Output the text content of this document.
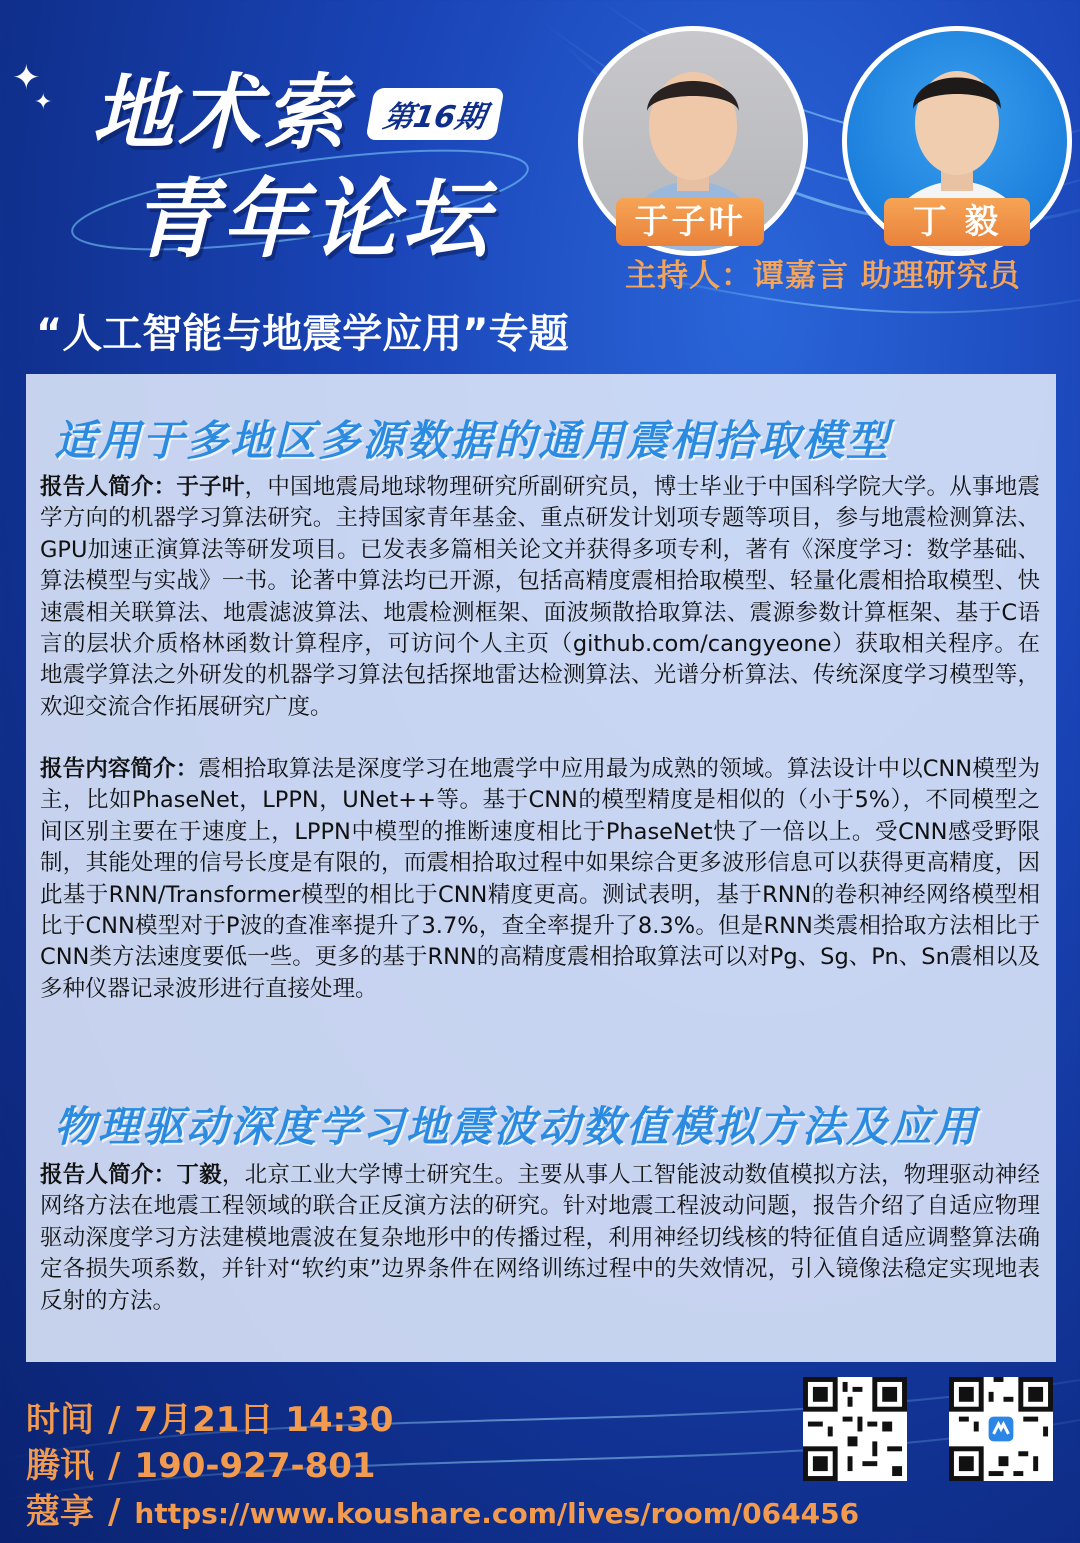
✦
✦ 地术索
青年论坛
第16期
于子叶	丁 毅
主持人：谭嘉言 助理研究员
“人工智能与地震学应用”专题
适用于多地区多源数据的通用震相拾取模型
报告人简介：于子叶，中国地震局地球物理研究所副研究员，博士毕业于中国科学院大学。从事地震学方向的机器学习算法研究。主持国家青年基金、重点研发计划项专题等项目，参与地震检测算法、GPU加速正演算法等研发项目。已发表多篇相关论文并获得多项专利，著有《深度学习：数学基础、算法模型与实战》一书。论著中算法均已开源，包括高精度震相拾取模型、轻量化震相拾取模型、快速震相关联算法、地震滤波算法、地震检测框架、面波频散拾取算法、震源参数计算框架、基于C语言的层状介质格林函数计算程序，可访问个人主页（github.com/cangyeone）获取相关程序。在地震学算法之外研发的机器学习算法包括探地雷达检测算法、光谱分析算法、传统深度学习模型等，欢迎交流合作拓展研究广度。
报告内容简介：震相拾取算法是深度学习在地震学中应用最为成熟的领域。算法设计中以CNN模型为主，比如PhaseNet，LPPN，UNet++等。基于CNN的模型精度是相似的（小于5%），不同模型之间区别主要在于速度上，LPPN中模型的推断速度相比于PhaseNet快了一倍以上。受CNN感受野限制，其能处理的信号长度是有限的，而震相拾取过程中如果综合更多波形信息可以获得更高精度，因此基于RNN/Transformer模型的相比于CNN精度更高。测试表明，基于RNN的卷积神经网络模型相比于CNN模型对于P波的查准率提升了3.7%，查全率提升了8.3%。但是RNN类震相拾取方法相比于CNN类方法速度要低一些。更多的基于RNN的高精度震相拾取算法可以对Pg、Sg、Pn、Sn震相以及多种仪器记录波形进行直接处理。
物理驱动深度学习地震波动数值模拟方法及应用
报告人简介：丁毅，北京工业大学博士研究生。主要从事人工智能波动数值模拟方法，物理驱动神经网络方法在地震工程领域的联合正反演方法的研究。针对地震工程波动问题，报告介绍了自适应物理驱动深度学习方法建模地震波在复杂地形中的传播过程，利用神经切线核的特征值自适应调整算法确定各损失项系数，并针对“软约束”边界条件在网络训练过程中的失效情况，引入镜像法稳定实现地表反射的方法。
时间 / 7月21日 14:30
腾讯 / 190-927-801
蔻享 / https://www.koushare.com/lives/room/064456
